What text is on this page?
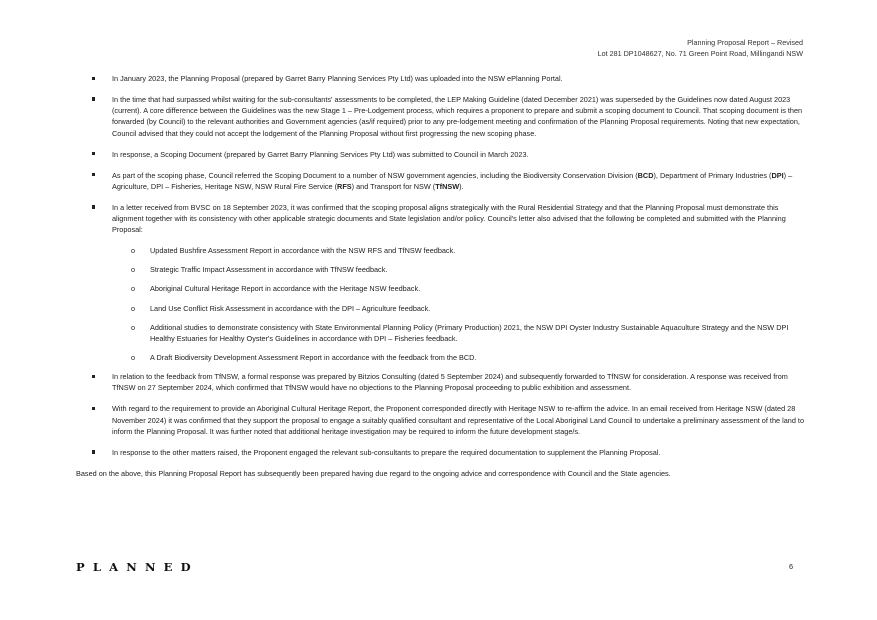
Planning Proposal Report – Revised
Lot 281 DP1048627, No. 71 Green Point Road, Millingandi NSW
In January 2023, the Planning Proposal (prepared by Garret Barry Planning Services Pty Ltd) was uploaded into the NSW ePlanning Portal.
In the time that had surpassed whilst waiting for the sub-consultants' assessments to be completed, the LEP Making Guideline (dated December 2021) was superseded by the Guidelines now dated August 2023 (current). A core difference between the Guidelines was the new Stage 1 – Pre-Lodgement process, which requires a proponent to prepare and submit a scoping document to Council. That scoping document is then forwarded (by Council) to the relevant authorities and Government agencies (as/if required) prior to any pre-lodgement meeting and confirmation of the Planning Proposal requirements. Noting that new expectation, Council advised that they could not accept the lodgement of the Planning Proposal without first progressing the new scoping phase.
In response, a Scoping Document (prepared by Garret Barry Planning Services Pty Ltd) was submitted to Council in March 2023.
As part of the scoping phase, Council referred the Scoping Document to a number of NSW government agencies, including the Biodiversity Conservation Division (BCD), Department of Primary Industries (DPI) – Agriculture, DPI – Fisheries, Heritage NSW, NSW Rural Fire Service (RFS) and Transport for NSW (TfNSW).
In a letter received from BVSC on 18 September 2023, it was confirmed that the scoping proposal aligns strategically with the Rural Residential Strategy and that the Planning Proposal must demonstrate this alignment together with its consistency with other applicable strategic documents and State legislation and/or policy. Council's letter also advised that the following be completed and submitted with the Planning Proposal:
o Updated Bushfire Assessment Report in accordance with the NSW RFS and TfNSW feedback.
o Strategic Traffic Impact Assessment in accordance with TfNSW feedback.
o Aboriginal Cultural Heritage Report in accordance with the Heritage NSW feedback.
o Land Use Conflict Risk Assessment in accordance with the DPI – Agriculture feedback.
o Additional studies to demonstrate consistency with State Environmental Planning Policy (Primary Production) 2021, the NSW DPI Oyster Industry Sustainable Aquaculture Strategy and the NSW DPI Healthy Estuaries for Healthy Oyster's Guidelines in accordance with DPI – Fisheries feedback.
o A Draft Biodiversity Development Assessment Report in accordance with the feedback from the BCD.
In relation to the feedback from TfNSW, a formal response was prepared by Bitzios Consulting (dated 5 September 2024) and subsequently forwarded to TfNSW for consideration. A response was received from TfNSW on 27 September 2024, which confirmed that TfNSW would have no objections to the Planning Proposal proceeding to public exhibition and assessment.
With regard to the requirement to provide an Aboriginal Cultural Heritage Report, the Proponent corresponded directly with Heritage NSW to re-affirm the advice. In an email received from Heritage NSW (dated 28 November 2024) it was confirmed that they support the proposal to engage a suitably qualified consultant and representative of the Local Aboriginal Land Council to undertake a preliminary assessment of the land to inform the Planning Proposal. It was further noted that additional heritage investigation may be required to inform the future development stage/s.
In response to the other matters raised, the Proponent engaged the relevant sub-consultants to prepare the required documentation to supplement the Planning Proposal.

Based on the above, this Planning Proposal Report has subsequently been prepared having due regard to the ongoing advice and correspondence with Council and the State agencies.

PLANNED	6
